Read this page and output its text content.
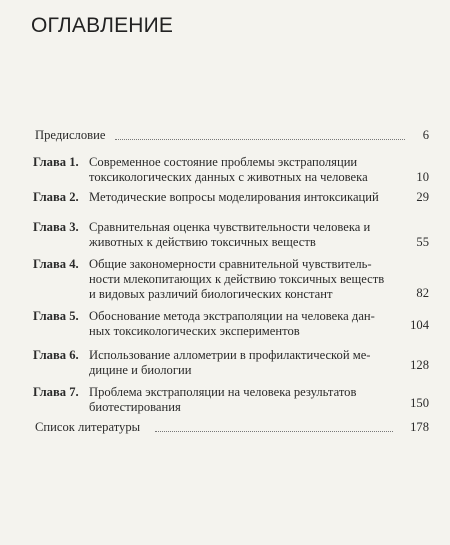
ОГЛАВЛЕНИЕ
Предисловие	6
Глава 1. Современное состояние проблемы экстраполяции
токсикологических данных с животных на человека	10
Глава 2. Методические вопросы моделирования интоксикаций	29
Глава 3. Сравнительная оценка чувствительности человека и
животных к действию токсичных веществ	55
Глава 4. Общие закономерности сравнительной чувствитель-
ности млекопитающих к действию токсичных веществ
и видовых различий биологических констант	82
Глава 5. Обоснование метода экстраполяции на человека дан-
ных токсикологических экспериментов	104
Глава 6. Использование аллометрии в профилактической ме-
дицине и биологии	128
Глава 7. Проблема экстраполяции на человека результатов
биотестирования	150
Список литературы	178
